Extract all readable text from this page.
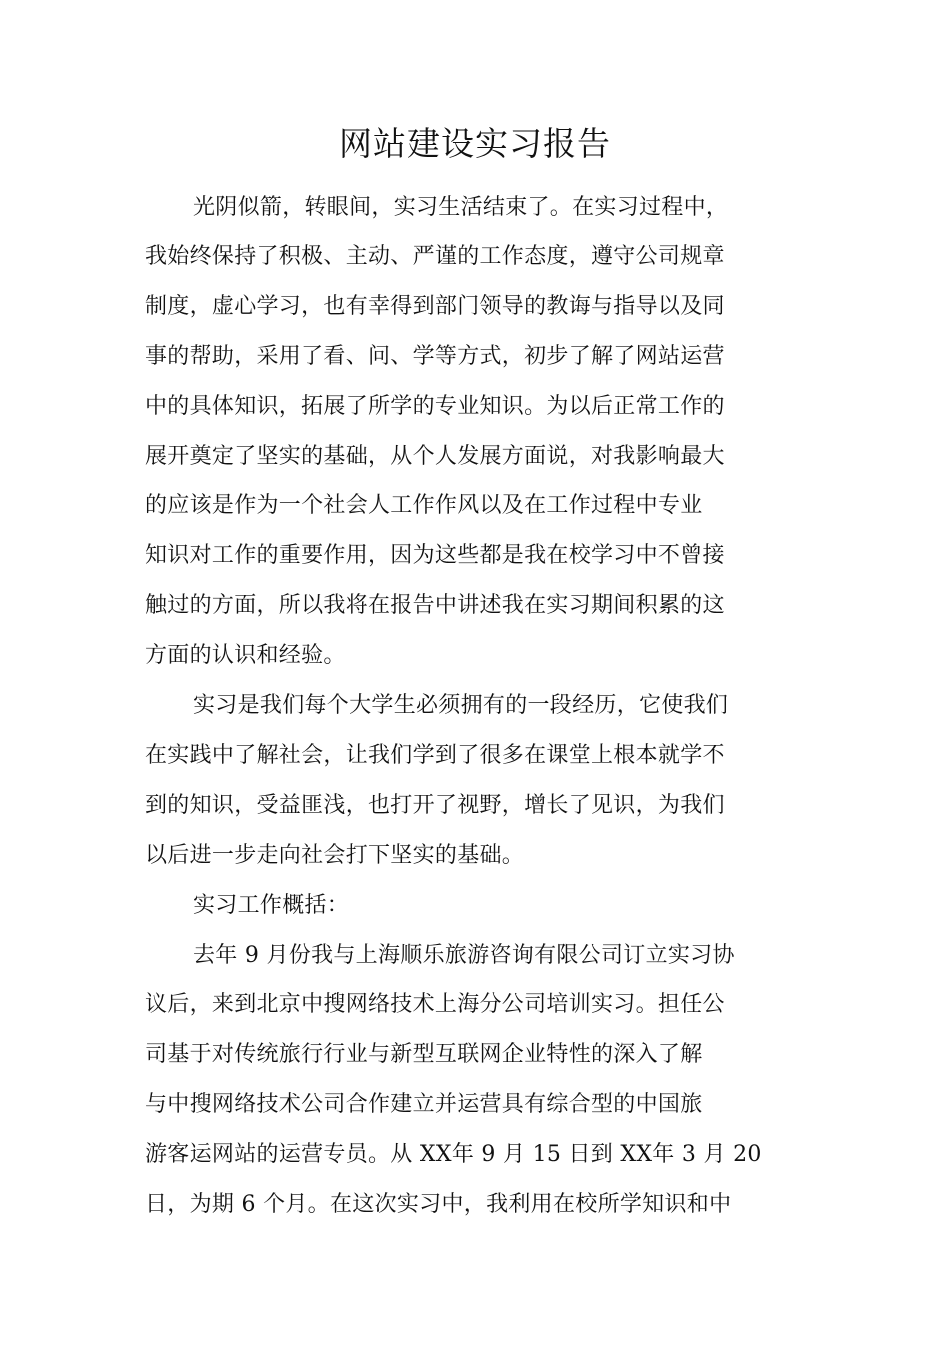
网站建设实习报告
光阴似箭，转眼间，实习生活结束了。在实习过程中，
我始终保持了积极、主动、严谨的工作态度，遵守公司规章
制度，虚心学习，也有幸得到部门领导的教诲与指导以及同
事的帮助，采用了看、问、学等方式，初步了解了网站运营
中的具体知识，拓展了所学的专业知识。为以后正常工作的
展开奠定了坚实的基础，从个人发展方面说，对我影响最大
的应该是作为一个社会人工作作风以及在工作过程中专业
知识对工作的重要作用，因为这些都是我在校学习中不曾接
触过的方面，所以我将在报告中讲述我在实习期间积累的这
方面的认识和经验。
实习是我们每个大学生必须拥有的一段经历，它使我们
在实践中了解社会，让我们学到了很多在课堂上根本就学不
到的知识，受益匪浅，也打开了视野，增长了见识，为我们
以后进一步走向社会打下坚实的基础。
实习工作概括：
去年 9 月份我与上海顺乐旅游咨询有限公司订立实习协
议后，来到北京中搜网络技术上海分公司培训实习。担任公
司基于对传统旅行行业与新型互联网企业特性的深入了解
与中搜网络技术公司合作建立并运营具有综合型的中国旅
游客运网站的运营专员。从 XX年 9 月 15 日到 XX年 3 月 20
日，为期 6 个月。在这次实习中，我利用在校所学知识和中
